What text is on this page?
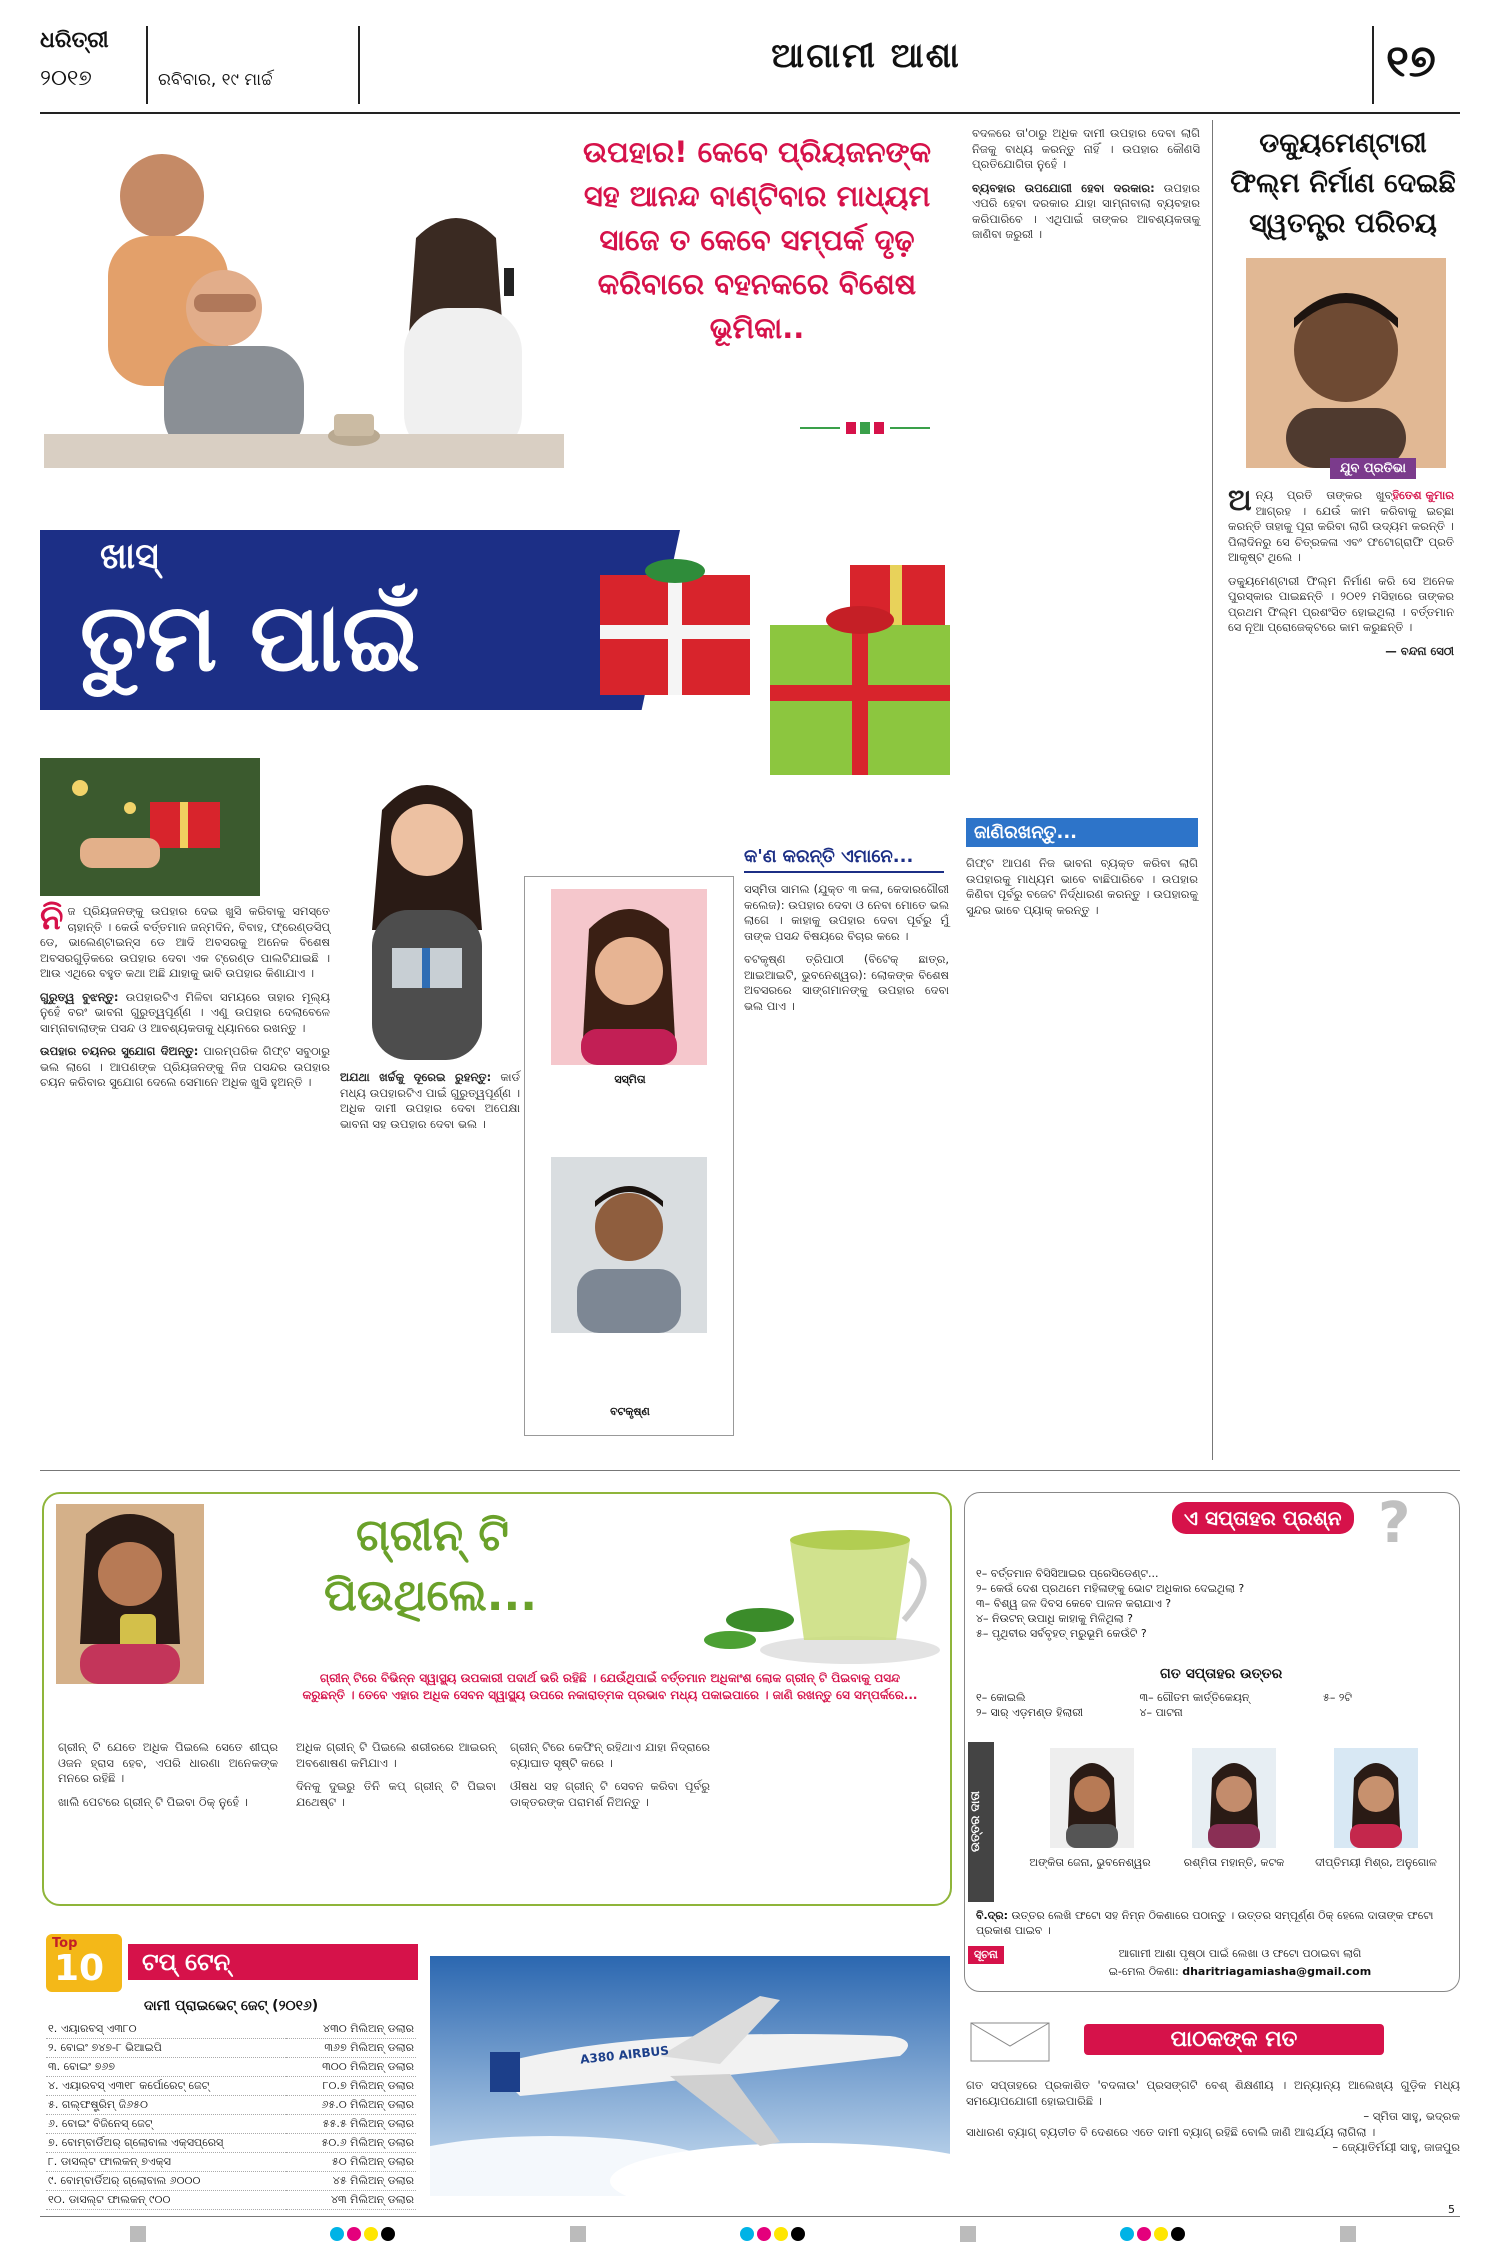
ଧରିତ୍ରୀ
୨୦୧୭	ରବିବାର, ୧୯ ମାର୍ଚ୍ଚ
ଆଗାମୀ ଆଶା	୧୭
ଉପହାର! କେବେ ପ୍ରିୟଜନଙ୍କ ସହ ଆନନ୍ଦ ବାଣ୍ଟିବାର ମାଧ୍ୟମ ସାଜେ ତ କେବେ ସମ୍ପର୍କ ଦୃଢ଼ କରିବାରେ ବହନକରେ ବିଶେଷ ଭୂମିକା..
ଖାସ୍
ତୁମ ପାଇଁ

ବଦଳରେ ତା'ଠାରୁ ଅଧିକ ଦାମୀ ଉପହାର ଦେବା ଲାଗି ନିଜକୁ ବାଧ୍ୟ କରନ୍ତୁ ନାହିଁ । ଉପହାର କୌଣସି ପ୍ରତିଯୋଗିତା ନୁହେଁ ।

ବ୍ୟବହାର ଉପଯୋଗୀ ହେବା ଦରକାର: ଉପହାର ଏପରି ହେବା ଦରକାର ଯାହା ସାମ୍ନାବାଲା ବ୍ୟବହାର କରିପାରିବେ । ଏଥିପାଇଁ ତାଙ୍କର ଆବଶ୍ୟକତାକୁ ଜାଣିବା ଜରୁରୀ ।

ଡକ୍ୟୁମେଣ୍ଟାରୀ ଫିଲ୍ମ ନିର୍ମାଣ ଦେଇଛି ସ୍ୱତନ୍ତ୍ର ପରିଚୟ
ଯୁବ ପ୍ରତିଭା

ଅ	ହିତେଶ କୁମାର
ନ୍ୟ ପ୍ରତି ତାଙ୍କର ଖୁବ୍ ଆଗ୍ରହ । ଯେଉଁ କାମ କରିବାକୁ ଇଚ୍ଛା କରନ୍ତି ତାହାକୁ ପୂରା କରିବା ଲାଗି ଉଦ୍ୟମ କରନ୍ତି । ପିଲାଦିନରୁ ସେ ଚିତ୍ରକଳା ଏବଂ ଫଟୋଗ୍ରାଫି ପ୍ରତି ଆକୃଷ୍ଟ ଥିଲେ ।

ଡକ୍ୟୁମେଣ୍ଟାରୀ ଫିଲ୍ମ ନିର୍ମାଣ କରି ସେ ଅନେକ ପୁରସ୍କାର ପାଇଛନ୍ତି । ୨୦୧୨ ମସିହାରେ ତାଙ୍କର ପ୍ରଥମ ଫିଲ୍ମ ପ୍ରଶଂସିତ ହୋଇଥିଲା । ବର୍ତ୍ତମାନ ସେ ନୂଆ ପ୍ରୋଜେକ୍ଟରେ କାମ କରୁଛନ୍ତି ।

— ବନ୍ଦନା ସେଠୀ

ନି ଜ ପ୍ରିୟଜନଙ୍କୁ ଉପହାର ଦେଇ ଖୁସି କରିବାକୁ ସମସ୍ତେ ଚାହାନ୍ତି । କେଉଁ ବର୍ତ୍ତମାନ ଜନ୍ମଦିନ, ବିବାହ, ଫ୍ରେଣ୍ଡସିପ୍ ଡେ, ଭାଲେଣ୍ଟାଇନ୍ସ ଡେ ଆଦି ଅବସରକୁ ଅନେକ ବିଶେଷ ଅବସରଗୁଡ଼ିକରେ ଉପହାର ଦେବା ଏକ ଟ୍ରେଣ୍ଡ ପାଲଟିଯାଇଛି । ଆଉ ଏଥିରେ ବହୁତ କଥା ଅଛି ଯାହାକୁ ଭାବି ଉପହାର କିଣାଯାଏ ।

ଗୁରୁତ୍ୱ ବୁଝନ୍ତୁ: ଉପହାରଟିଏ ମିଳିବା ସମୟରେ ତାହାର ମୂଲ୍ୟ ନୁହେଁ ବରଂ ଭାବନା ଗୁରୁତ୍ୱପୂର୍ଣ୍ଣ । ଏଣୁ ଉପହାର ଦେଲାବେଳେ ସାମ୍ନାବାଲାଙ୍କ ପସନ୍ଦ ଓ ଆବଶ୍ୟକତାକୁ ଧ୍ୟାନରେ ରଖନ୍ତୁ ।

ଉପହାର ଚୟନର ସୁଯୋଗ ଦିଅନ୍ତୁ: ପାରମ୍ପରିକ ଗିଫ୍ଟ ସବୁଠାରୁ ଭଲ ଲାଗେ । ଆପଣଙ୍କ ପ୍ରିୟଜନଙ୍କୁ ନିଜ ପସନ୍ଦର ଉପହାର ଚୟନ କରିବାର ସୁଯୋଗ ଦେଲେ ସେମାନେ ଅଧିକ ଖୁସି ହୁଅନ୍ତି ।	ଅଯଥା ଖର୍ଚ୍ଚକୁ ଦୂରେଇ ରୁହନ୍ତୁ: କାର୍ଡ ମଧ୍ୟ ଉପହାରଟିଏ ପାଇଁ ଗୁରୁତ୍ୱପୂର୍ଣ୍ଣ । ଅଧିକ ଦାମୀ ଉପହାର ଦେବା ଅପେକ୍ଷା ଭାବନା ସହ ଉପହାର ଦେବା ଭଲ ।

ସସ୍ମିତା
ବଟକୃଷ୍ଣ
କ'ଣ କରନ୍ତି ଏମାନେ...

ସସ୍ମିତା ସାମଲ (ଯୁକ୍ତ ୩ କଳା, କେଦାରଗୌରୀ କଲେଜ): ଉପହାର ଦେବା ଓ ନେବା ମୋତେ ଭଲ ଲାଗେ । କାହାକୁ ଉପହାର ଦେବା ପୂର୍ବରୁ ମୁଁ ତାଙ୍କ ପସନ୍ଦ ବିଷୟରେ ବିଚାର କରେ ।

ବଟକୃଷ୍ଣ ତ୍ରିପାଠୀ (ବିଟେକ୍ ଛାତ୍ର, ଆଇଆଇଟି, ଭୁବନେଶ୍ୱର): ଲୋକଙ୍କ ବିଶେଷ ଅବସରରେ ସାଙ୍ଗମାନଙ୍କୁ ଉପହାର ଦେବା ଭଲ ପାଏ ।

ଜାଣିରଖନ୍ତୁ...
ଗିଫ୍ଟ ଆପଣ ନିଜ ଭାବନା ବ୍ୟକ୍ତ କରିବା ଲାଗି ଉପହାରକୁ ମାଧ୍ୟମ ଭାବେ ବାଛିପାରିବେ । ଉପହାର କିଣିବା ପୂର୍ବରୁ ବଜେଟ ନିର୍ଦ୍ଧାରଣ କରନ୍ତୁ । ଉପହାରକୁ ସୁନ୍ଦର ଭାବେ ପ୍ୟାକ୍ କରନ୍ତୁ ।
ଗ୍ରୀନ୍ ଟି
ପିଉଥିଲେ...
ଗ୍ରୀନ୍ ଟିରେ ବିଭିନ୍ନ ସ୍ୱାସ୍ଥ୍ୟ ଉପକାରୀ ପଦାର୍ଥ ଭରି ରହିଛି । ଯେଉଁଥିପାଇଁ ବର୍ତ୍ତମାନ ଅଧିକାଂଶ ଲୋକ ଗ୍ରୀନ୍ ଟି ପିଇବାକୁ ପସନ୍ଦ କରୁଛନ୍ତି । ତେବେ ଏହାର ଅଧିକ ସେବନ ସ୍ୱାସ୍ଥ୍ୟ ଉପରେ ନକାରାତ୍ମକ ପ୍ରଭାବ ମଧ୍ୟ ପକାଇପାରେ । ଜାଣି ରଖନ୍ତୁ ସେ ସମ୍ପର୍କରେ...

ଗ୍ରୀନ୍ ଟି ଯେତେ ଅଧିକ ପିଇଲେ ସେତେ ଶୀଘ୍ର ଓଜନ ହ୍ରାସ ହେବ, ଏପରି ଧାରଣା ଅନେକଙ୍କ ମନରେ ରହିଛି ।

ଖାଲି ପେଟରେ ଗ୍ରୀନ୍ ଟି ପିଇବା ଠିକ୍ ନୁହେଁ ।

ଅଧିକ ଗ୍ରୀନ୍ ଟି ପିଇଲେ ଶରୀରରେ ଆଇରନ୍ ଅବଶୋଷଣ କମିଯାଏ ।

ଦିନକୁ ଦୁଇରୁ ତିନି କପ୍ ଗ୍ରୀନ୍ ଟି ପିଇବା ଯଥେଷ୍ଟ ।

ଗ୍ରୀନ୍ ଟିରେ କେଫିନ୍ ରହିଥାଏ ଯାହା ନିଦ୍ରାରେ ବ୍ୟାଘାତ ସୃଷ୍ଟି କରେ ।

ଔଷଧ ସହ ଗ୍ରୀନ୍ ଟି ସେବନ କରିବା ପୂର୍ବରୁ ଡାକ୍ତରଙ୍କ ପରାମର୍ଶ ନିଅନ୍ତୁ ।

ଏ ସପ୍ତାହର ପ୍ରଶ୍ନ ?
୧– ବର୍ତ୍ତମାନ ବିସିସିଆଇର ପ୍ରେସିଡେଣ୍ଟ...
୨– କେଉଁ ଦେଶ ପ୍ରଥମେ ମହିଳାଙ୍କୁ ଭୋଟ ଅଧିକାର ଦେଇଥିଲା ?
୩– ବିଶ୍ୱ ଜଳ ଦିବସ କେବେ ପାଳନ କରାଯାଏ ?
୪– ନିଉଟନ୍ ଉପାଧି କାହାକୁ ମିଳିଥିଲା ?
୫– ପୃଥିବୀର ସର୍ବବୃହତ୍ ମରୁଭୂମି କେଉଁଟି ?
ଗତ ସପ୍ତାହର ଉତ୍ତର
୧– କୋଇଲି	୩– ଗୌତମ କାର୍ତ୍ତିକେୟନ୍	୫– ୨ଟି
୨– ସାର୍ ଏଡ଼ମଣ୍ଡ ହିଲାରୀ	୪– ପାଟନା
ଉତ୍ତର ଦାତା
ଅଙ୍କିତା ଜେନା, ଭୁବନେଶ୍ୱର	ରଶ୍ମିତା ମହାନ୍ତି, କଟକ	ଦୀପ୍ତିମୟୀ ମିଶ୍ର, ଅନୁଗୋଳ
ବି.ଦ୍ର: ଉତ୍ତର ଲେଖି ଫଟୋ ସହ ନିମ୍ନ ଠିକଣାରେ ପଠାନ୍ତୁ । ଉତ୍ତର ସମ୍ପୂର୍ଣ୍ଣ ଠିକ୍ ହେଲେ ଦାତାଙ୍କ ଫଟୋ ପ୍ରକାଶ ପାଇବ ।
ସୂଚନା	ଆଗାମୀ ଆଶା ପୃଷ୍ଠା ପାଇଁ ଲେଖା ଓ ଫଟୋ ପଠାଇବା ଲାଗି
ଇ-ମେଲ ଠିକଣା: dharitriagamiasha@gmail.com
Top
10	ଟପ୍ ଟେନ୍
ଦାମୀ ପ୍ରାଇଭେଟ୍ ଜେଟ୍ (୨୦୧୬)
୧. ଏୟାରବସ୍ ଏ୩୮୦	୪୩୦ ମିଲିଅନ୍ ଡଲାର
୨. ବୋଇଂ ୭୪୭-୮ ଭିଆଇପି	୩୬୭ ମିଲିଅନ୍ ଡଲାର
୩. ବୋଇଂ ୭୬୭	୩୦୦ ମିଲିଅନ୍ ଡଲାର
୪. ଏୟାରବସ୍ ଏ୩୧୮ କର୍ପୋରେଟ୍ ଜେଟ୍	୮୦.୭ ମିଲିଅନ୍ ଡଲାର
୫. ଗଲ୍ଫଷ୍ଟ୍ରିମ୍ ଜି୬୫୦	୬୫.୦ ମିଲିଅନ୍ ଡଲାର
୬. ବୋଇଂ ବିଜିନେସ୍ ଜେଟ୍	୫୫.୫ ମିଲିଅନ୍ ଡଲାର
୭. ବୋମ୍ବାର୍ଡିଅର୍ ଗ୍ଲୋବାଲ ଏକ୍ସପ୍ରେସ୍	୫୦.୬ ମିଲିଅନ୍ ଡଲାର
୮. ଡାସଲ୍ଟ ଫାଲକନ୍ ୭ଏକ୍ସ	୫୦ ମିଲିଅନ୍ ଡଲାର
୯. ବୋମ୍ବାର୍ଡିଅର୍ ଗ୍ଲୋବାଲ ୬୦୦୦	୪୫ ମିଲିଅନ୍ ଡଲାର
୧୦. ଡାସଲ୍ଟ ଫାଲକନ୍ ୯୦୦	୪୩ ମିଲିଅନ୍ ଡଲାର
A380 AIRBUS
ପାଠକଙ୍କ ମତ

ଗତ ସପ୍ତାହରେ ପ୍ରକାଶିତ 'ବଦଳାଉ' ପ୍ରସଙ୍ଗଟି ବେଶ୍ ଶିକ୍ଷଣୀୟ । ଅନ୍ୟାନ୍ୟ ଆଲେଖ୍ୟ ଗୁଡ଼ିକ ମଧ୍ୟ ସମୟୋପଯୋଗୀ ହୋଇପାରିଛି ।

– ସ୍ମିତା ସାହୁ, ଭଦ୍ରକ

ସାଧାରଣ ବ୍ୟାଗ୍ ବ୍ୟତୀତ ବି ଦେଶରେ ଏତେ ଦାମୀ ବ୍ୟାଗ୍ ରହିଛି ବୋଲି ଜାଣି ଆଶ୍ଚର୍ଯ୍ୟ ଲାଗିଲା ।

– ଜ୍ୟୋତିର୍ମୟୀ ସାହୁ, ଜାଜପୁର

5
